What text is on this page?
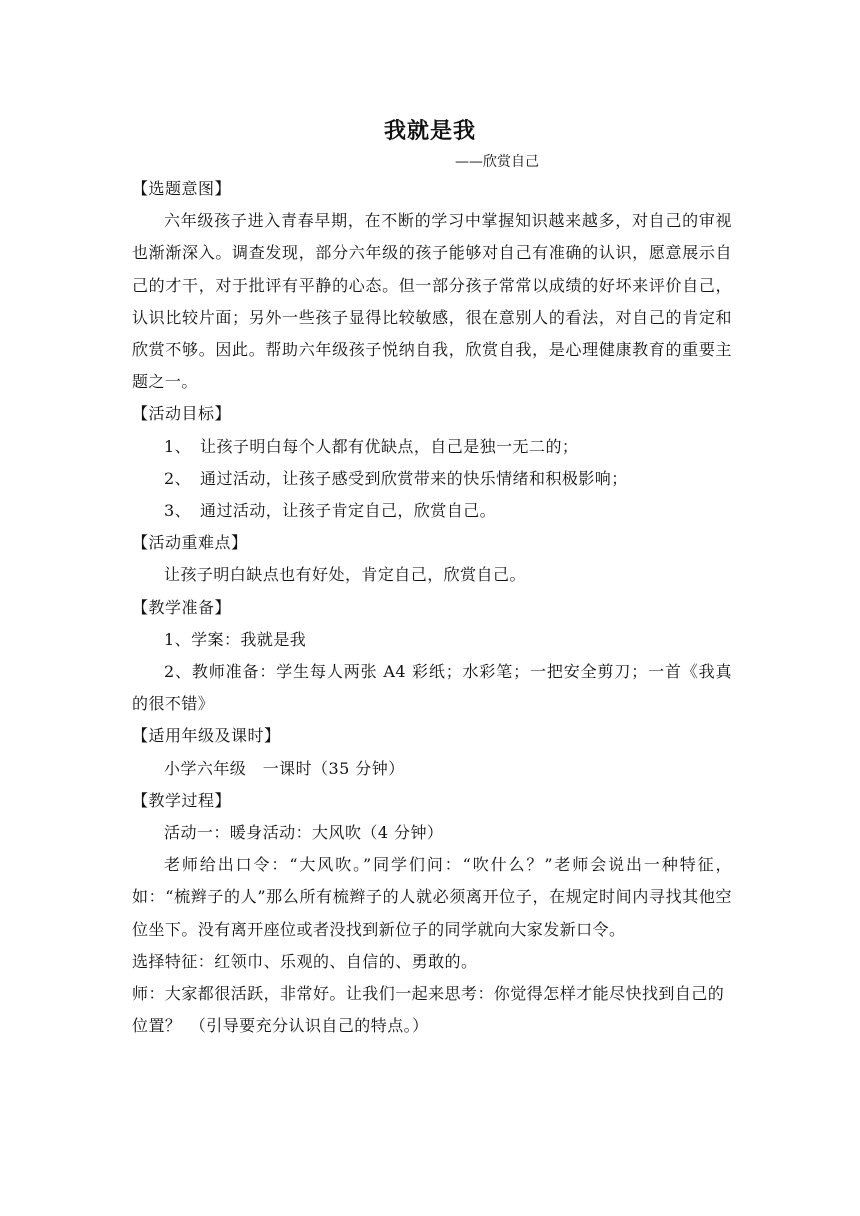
我就是我
——欣赏自己

【选题意图】

六年级孩子进入青春早期，在不断的学习中掌握知识越来越多，对自己的审视也渐渐深入。调查发现，部分六年级的孩子能够对自己有准确的认识，愿意展示自己的才干，对于批评有平静的心态。但一部分孩子常常以成绩的好坏来评价自己，认识比较片面；另外一些孩子显得比较敏感，很在意别人的看法，对自己的肯定和欣赏不够。因此。帮助六年级孩子悦纳自我，欣赏自我，是心理健康教育的重要主题之一。

【活动目标】

1、 让孩子明白每个人都有优缺点，自己是独一无二的；

2、 通过活动，让孩子感受到欣赏带来的快乐情绪和积极影响；

3、 通过活动，让孩子肯定自己，欣赏自己。

【活动重难点】

让孩子明白缺点也有好处，肯定自己，欣赏自己。

【教学准备】

1、学案：我就是我

2、教师准备：学生每人两张 A4 彩纸；水彩笔；一把安全剪刀；一首《我真的很不错》

【适用年级及课时】

小学六年级　一课时（35 分钟）

【教学过程】

活动一：暖身活动：大风吹（4 分钟）

老师给出口令：“大风吹。”同学们问：“吹什么？”老师会说出一种特征，如：“梳辫子的人”那么所有梳辫子的人就必须离开位子，在规定时间内寻找其他空位坐下。没有离开座位或者没找到新位子的同学就向大家发新口令。

选择特征：红领巾、乐观的、自信的、勇敢的。

师：大家都很活跃，非常好。让我们一起来思考：你觉得怎样才能尽快找到自己的位置？　（引导要充分认识自己的特点。）
